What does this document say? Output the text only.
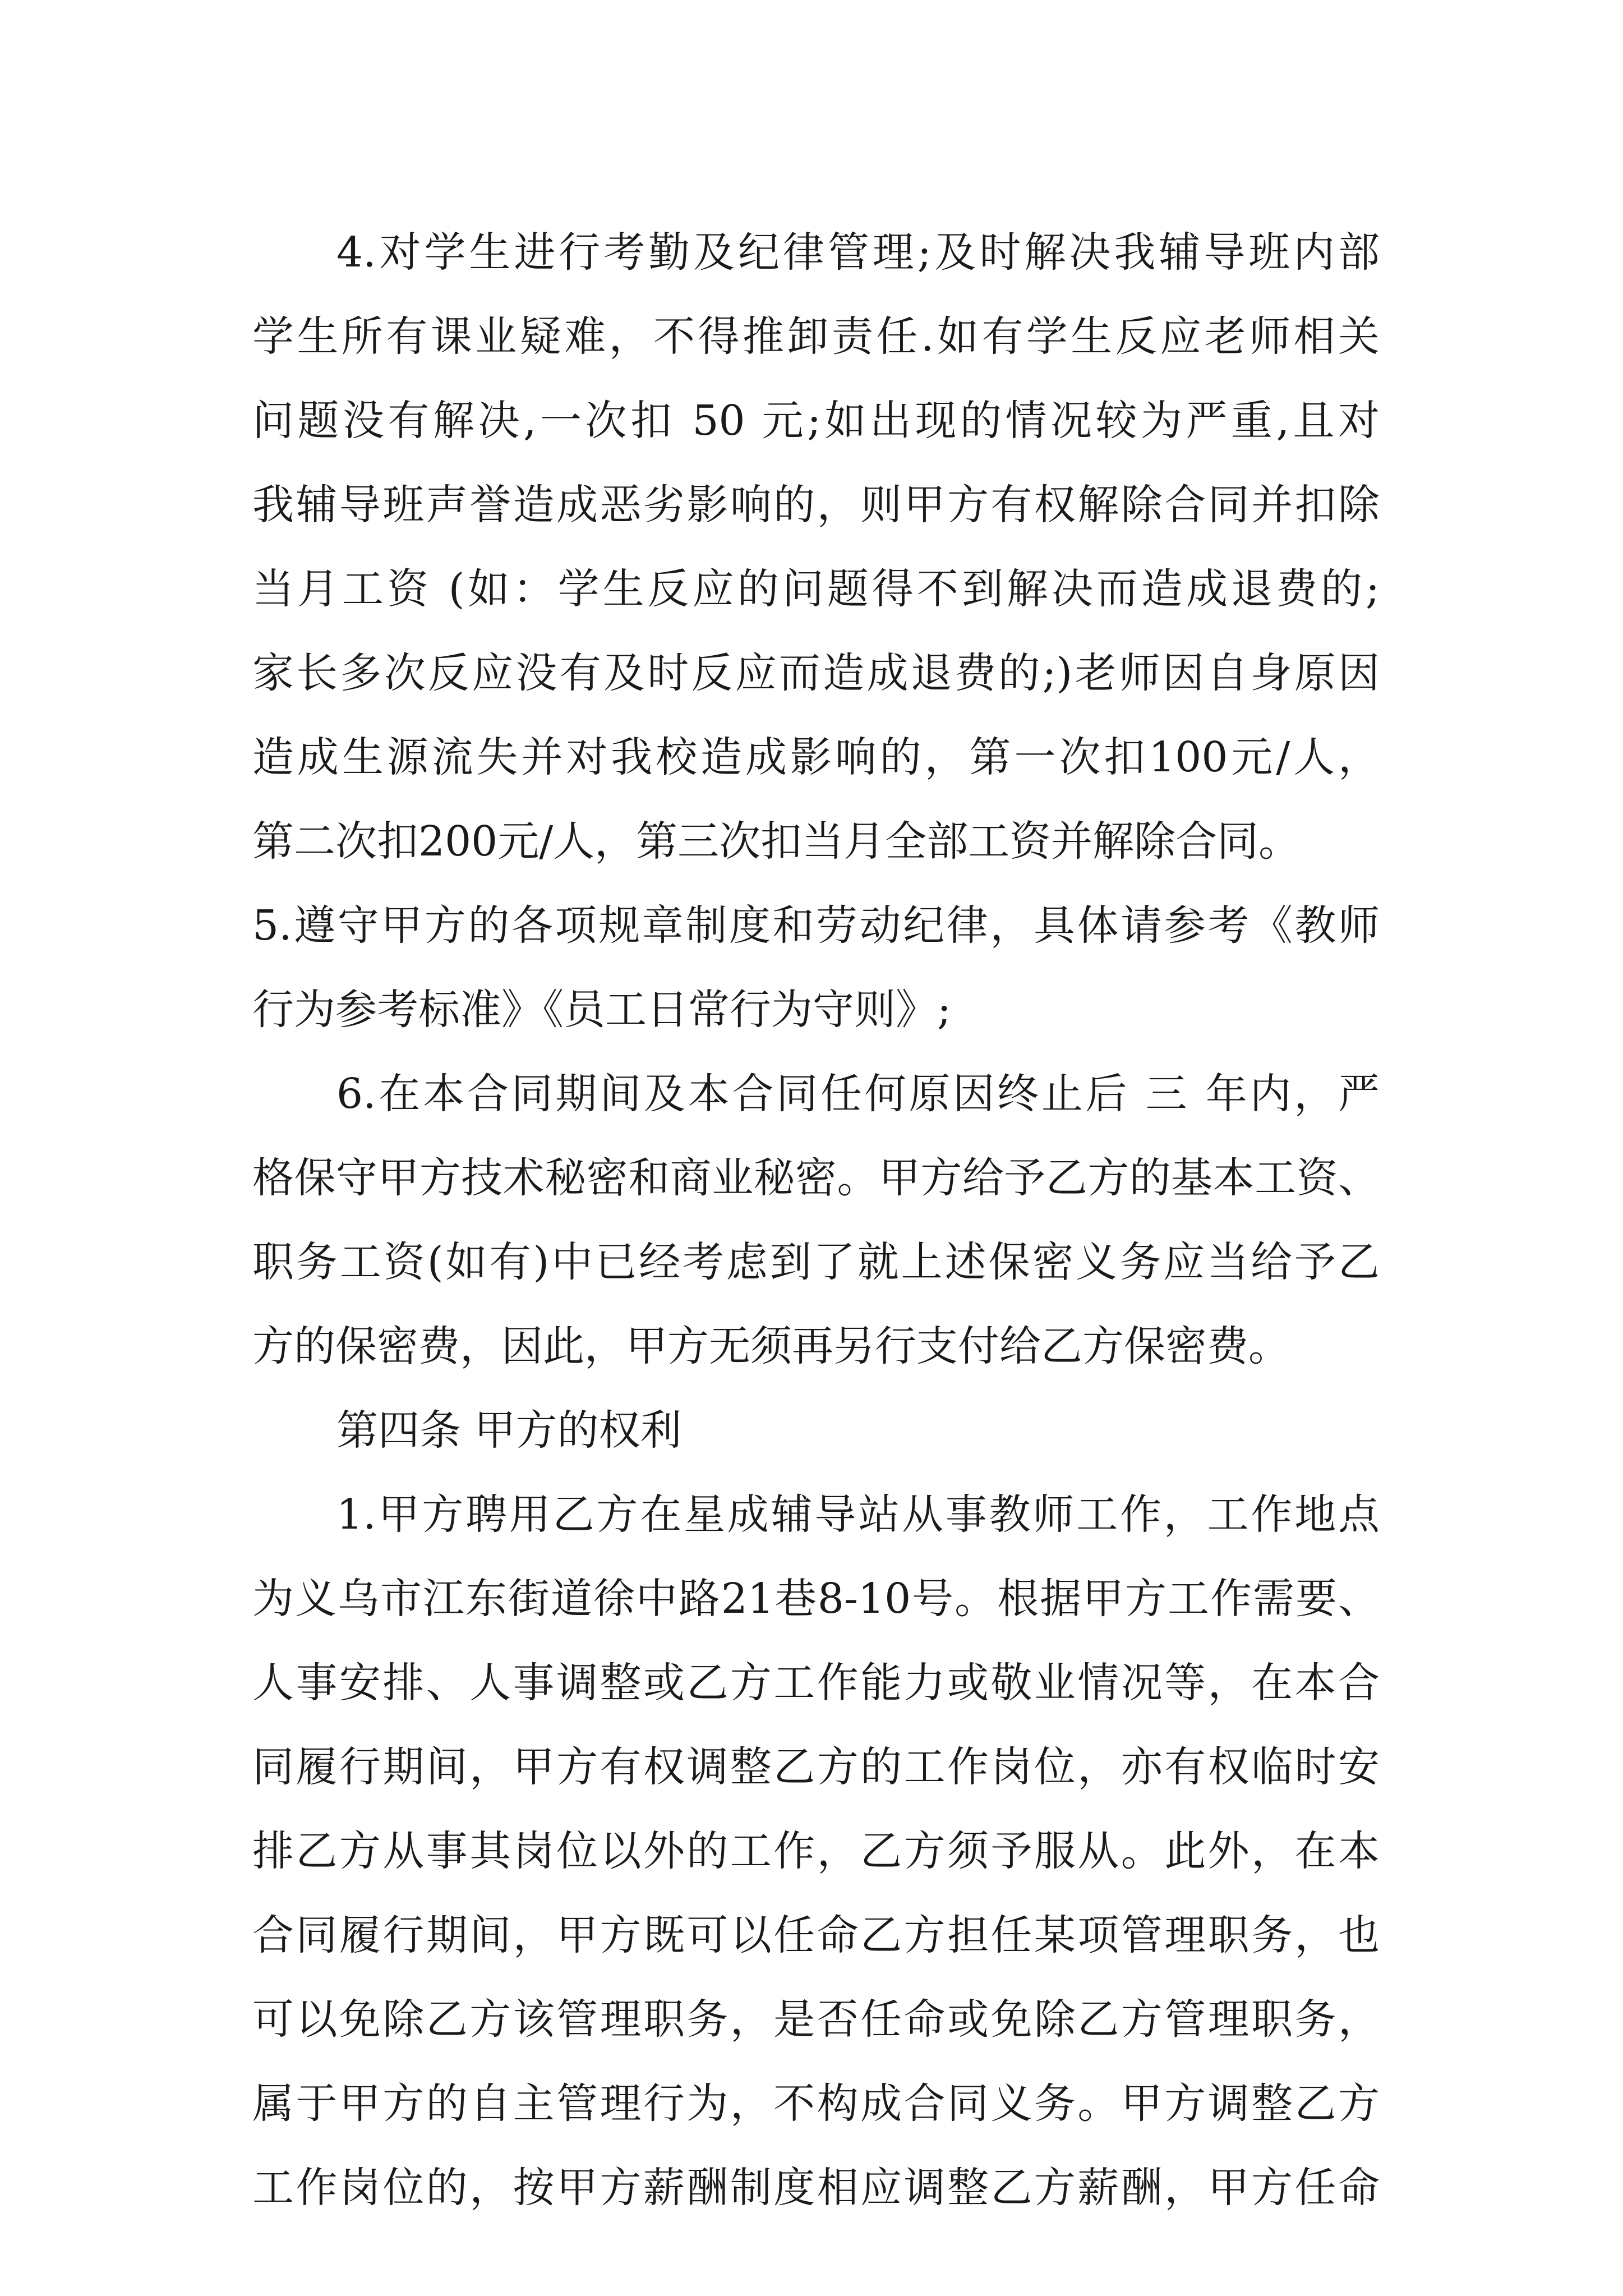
4.对学生进行考勤及纪律管理;及时解决我辅导班内部
学生所有课业疑难，不得推卸责任.如有学生反应老师相关
问题没有解决,一次扣 50 元;如出现的情况较为严重,且对
我辅导班声誉造成恶劣影响的，则甲方有权解除合同并扣除
当月工资 (如：学生反应的问题得不到解决而造成退费的;
家长多次反应没有及时反应而造成退费的;)老师因自身原因
造成生源流失并对我校造成影响的，第一次扣100元/人，
第二次扣200元/人，第三次扣当月全部工资并解除合同。
5.遵守甲方的各项规章制度和劳动纪律，具体请参考《教师
行为参考标准》《员工日常行为守则》;
6.在本合同期间及本合同任何原因终止后 三 年内，严
格保守甲方技术秘密和商业秘密。甲方给予乙方的基本工资、
职务工资(如有)中已经考虑到了就上述保密义务应当给予乙
方的保密费，因此，甲方无须再另行支付给乙方保密费。
第四条 甲方的权利
1.甲方聘用乙方在星成辅导站从事教师工作，工作地点
为义乌市江东街道徐中路21巷8-10号。根据甲方工作需要、
人事安排、人事调整或乙方工作能力或敬业情况等，在本合
同履行期间，甲方有权调整乙方的工作岗位，亦有权临时安
排乙方从事其岗位以外的工作，乙方须予服从。此外，在本
合同履行期间，甲方既可以任命乙方担任某项管理职务，也
可以免除乙方该管理职务，是否任命或免除乙方管理职务，
属于甲方的自主管理行为，不构成合同义务。甲方调整乙方
工作岗位的，按甲方薪酬制度相应调整乙方薪酬，甲方任命
